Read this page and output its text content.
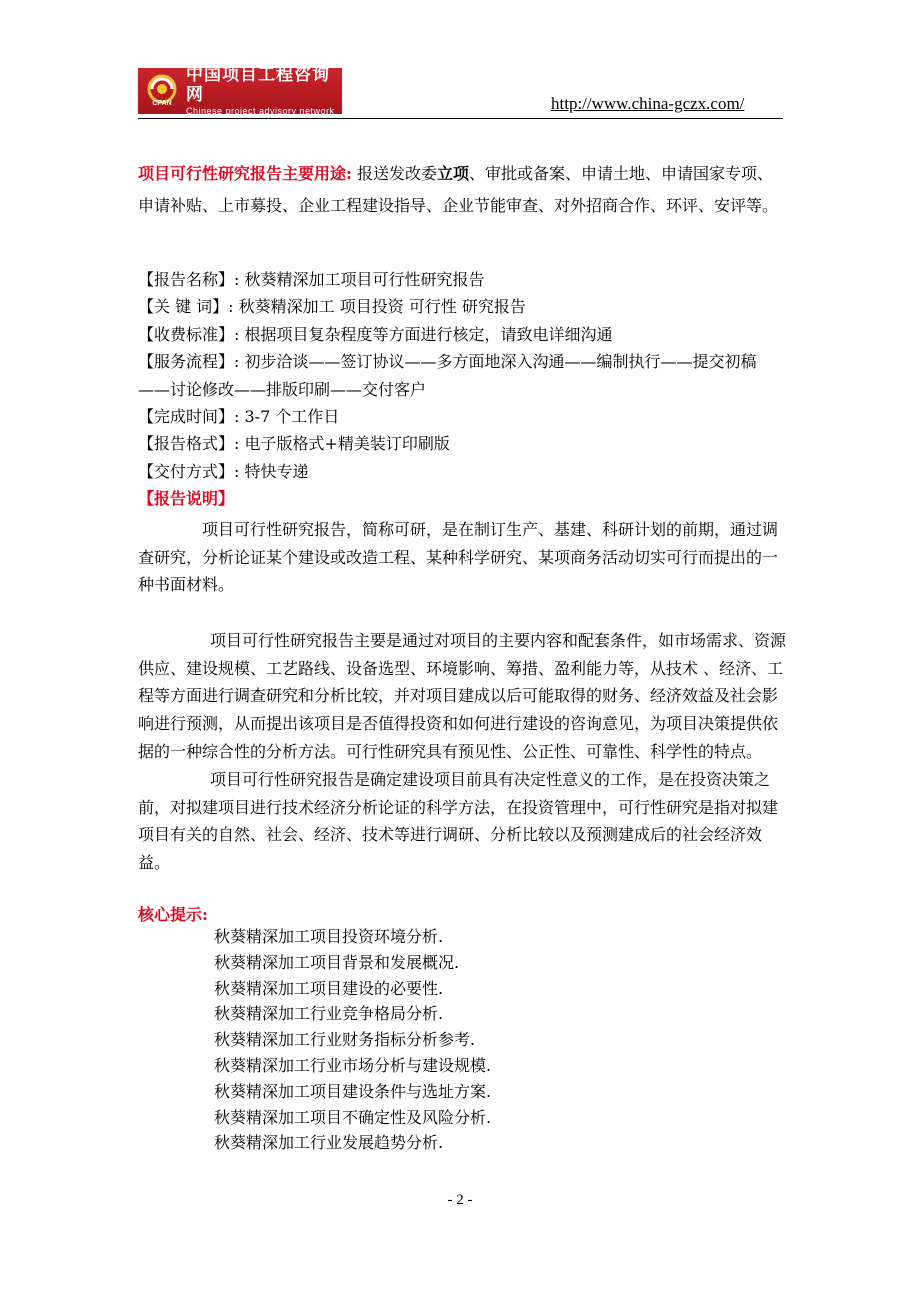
CPAN
中国项目工程咨询网
Chinese project advisory network	http://www.china-gczx.com/
项目可行性研究报告主要用途: 报送发改委立项、审批或备案、申请土地、申请国家专项、申请补贴、上市募投、企业工程建设指导、企业节能审查、对外招商合作、环评、安评等。
【报告名称】: 秋葵精深加工项目可行性研究报告
【关 键 词】: 秋葵精深加工 项目投资 可行性 研究报告
【收费标准】: 根据项目复杂程度等方面进行核定，请致电详细沟通
【服务流程】: 初步洽谈——签订协议——多方面地深入沟通——编制执行——提交初稿——讨论修改——排版印刷——交付客户
【完成时间】: 3-7 个工作日
【报告格式】: 电子版格式+精美装订印刷版
【交付方式】: 特快专递
【报告说明】
项目可行性研究报告，简称可研，是在制订生产、基建、科研计划的前期，通过调查研究，分析论证某个建设或改造工程、某种科学研究、某项商务活动切实可行而提出的一种书面材料。
项目可行性研究报告主要是通过对项目的主要内容和配套条件，如市场需求、资源供应、建设规模、工艺路线、设备选型、环境影响、筹措、盈利能力等，从技术 、经济、工程等方面进行调查研究和分析比较，并对项目建成以后可能取得的财务、经济效益及社会影响进行预测，从而提出该项目是否值得投资和如何进行建设的咨询意见，为项目决策提供依据的一种综合性的分析方法。可行性研究具有预见性、公正性、可靠性、科学性的特点。
项目可行性研究报告是确定建设项目前具有决定性意义的工作，是在投资决策之前，对拟建项目进行技术经济分析论证的科学方法，在投资管理中，可行性研究是指对拟建项目有关的自然、社会、经济、技术等进行调研、分析比较以及预测建成后的社会经济效益。
核心提示:
秋葵精深加工项目投资环境分析.
秋葵精深加工项目背景和发展概况.
秋葵精深加工项目建设的必要性.
秋葵精深加工行业竞争格局分析.
秋葵精深加工行业财务指标分析参考.
秋葵精深加工行业市场分析与建设规模.
秋葵精深加工项目建设条件与选址方案.
秋葵精深加工项目不确定性及风险分析.
秋葵精深加工行业发展趋势分析.
- 2 -
